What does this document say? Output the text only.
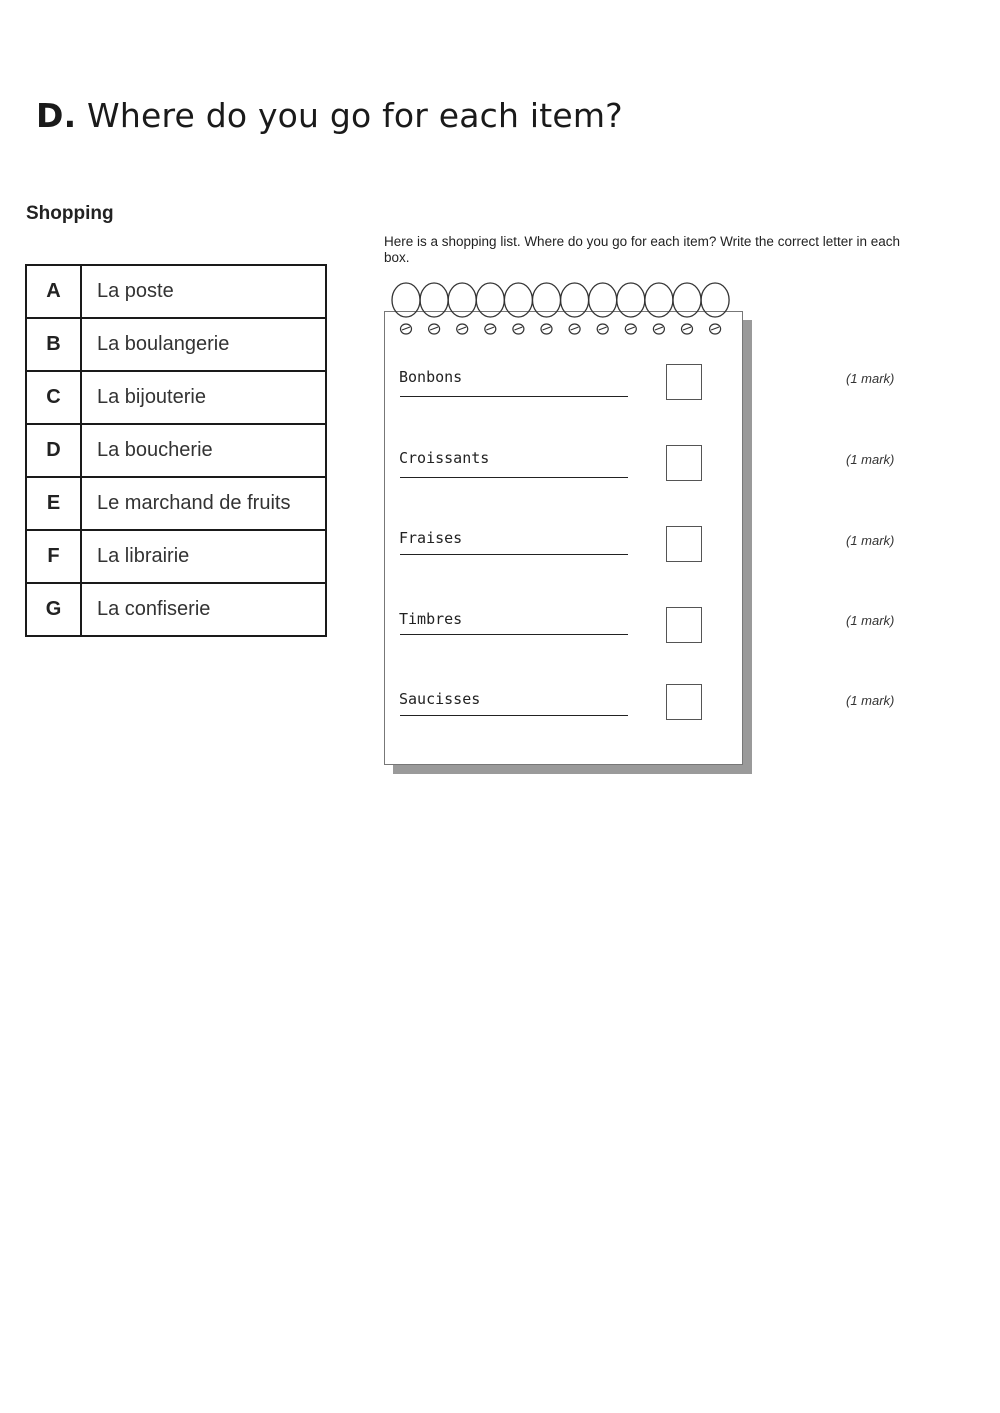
D. Where do you go for each item?
Shopping
A	La poste
B	La boulangerie
C	La bijouterie
D	La boucherie
E	Le marchand de fruits
F	La librairie
G	La confiserie
Here is a shopping list. Where do you go for each item? Write the correct letter in each box.
Bonbons	(1 mark)
Croissants	(1 mark)
Fraises	(1 mark)
Timbres	(1 mark)
Saucisses	(1 mark)
